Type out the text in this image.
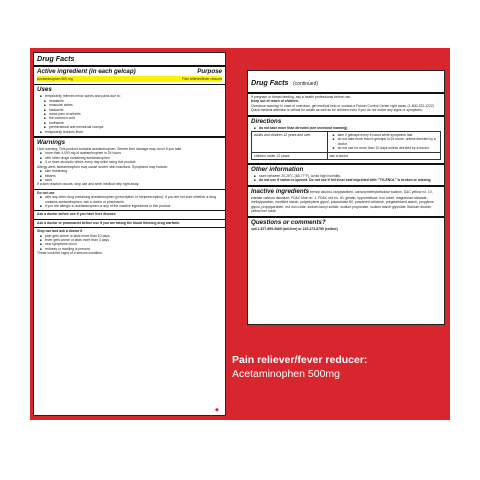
Drug Facts
Active ingredient (in each gelcap)	Purpose
Acetaminophen 500 mg	Pain reliever/fever reducer
Uses
■ temporarily relieves minor aches and pains due to:
■ headache
■ muscular aches
■ backache
■ minor pain of arthritis
■ the common cold
■ toothache
■ premenstrual and menstrual cramps
■ temporarily reduces fever
Warnings
Liver warning: This product contains acetaminophen. Severe liver damage may occur if you take
■ more than 4,000 mg of acetaminophen in 24 hours
■ with other drugs containing acetaminophen
■ 3 or more alcoholic drinks every day while using this product
Allergy alert: acetaminophen may cause severe skin reactions. Symptoms may include:
■ skin reddening
■ blisters
■ rash
If a skin reaction occurs, stop use and seek medical help right away.
Do not use
■ with any other drug containing acetaminophen (prescription or nonprescription). If you are not sure whether a drug contains acetaminophen, ask a doctor or pharmacist.
■ if you are allergic to acetaminophen or any of the inactive ingredients in this product
Ask a doctor before use if you have liver disease
Ask a doctor or pharmacist before use if you are taking the blood thinning drug warfarin.
Stop use and ask a doctor if
■ pain gets worse or lasts more than 10 days
■ fever gets worse or lasts more than 3 days
■ new symptoms occur
■ redness or swelling is present
These could be signs of a serious condition.
◆
Drug Facts (continued)
If pregnant or breast-feeding, ask a health professional before use.
Keep out of reach of children.
Overdose warning: In case of overdose, get medical help or contact a Poison Control Center right away. (1-800-222-1222) Quick medical attention is critical for adults as well as for children even if you do not notice any signs or symptoms.
Directions
■ do not take more than directed (see overdose warning)
adults and children 12 years and over	■ take 2 gelcaps every 6 hours while symptoms last
■ do not take more than 6 gelcaps in 24 hours, unless directed by a doctor
■ do not use for more than 10 days unless directed by a doctor

children under 12 years	ask a doctor
Other information
■ store between 20-25°C (68-77°F). Avoid high humidity.
■ do not use if carton is opened. Do not use if foil inner seal imprinted with "TYLENOL" is broken or missing
Inactive ingredients benzyl alcohol, butylparaben, carboxymethylcellulose sodium, D&C yellow no. 10, edetate calcium disodium, FD&C blue no. 1, FD&C red no. 40, gelatin, hypromellose, iron oxide, magnesium stearate, methylparaben, modified starch, polyethylene glycol, polysorbate 80, powdered cellulose, pregelatinized starch, propylene glycol, propylparaben, red iron oxide, sodium lauryl sulfate, sodium propionate, sodium starch glycolate, titanium dioxide, yellow iron oxide
Questions or comments?
call 1-877-895-3665 (toll-free) or 215-273-8755 (collect)
Pain reliever/fever reducer:
Acetaminophen 500mg
